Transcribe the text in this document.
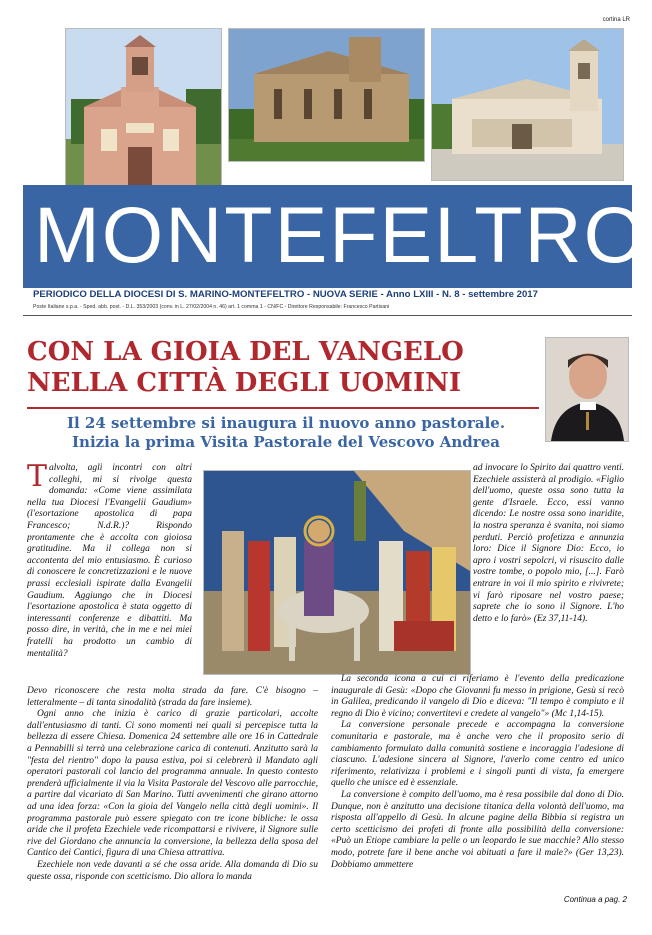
cortina LR
MONTEFELTRO
PERIODICO DELLA DIOCESI DI S. MARINO-MONTEFELTRO - NUOVA SERIE - Anno LXIII - N. 8 - settembre 2017
Poste Italiane s.p.a. - Sped. abb. post. - D.L. 353/2003 (conv. in L. 27/02/2004 n. 46) art. 1 comma 1 - CN/FC - Direttore Responsabile: Francesco Partisani
CON LA GIOIA DEL VANGELO
NELLA CITTÀ DEGLI UOMINI
Il 24 settembre si inaugura il nuovo anno pastorale.
Inizia la prima Visita Pastorale del Vescovo Andrea
Talvolta, agli incontri con altri colleghi, mi si rivolge questa domanda: «Come viene assimilata nella tua Diocesi l'Evangelii Gaudium» (l'esortazione apostolica di papa Francesco; N.d.R.)? Rispondo prontamente che è accolta con gioiosa gratitudine. Ma il collega non si accontenta del mio entusiasmo. È curioso di conoscere le concretizzazioni e le nuove prassi ecclesiali ispirate dalla Evangelii Gaudium. Aggiungo che in Diocesi l'esortazione apostolica è stata oggetto di interessanti conferenze e dibattiti. Ma posso dire, in verità, che in me e nei miei fratelli ha prodotto un cambio di mentalità?
ad invocare lo Spirito dai quattro venti. Ezechiele assisterà al prodigio. «Figlio dell'uomo, queste ossa sono tutta la gente d'Israele. Ecco, essi vanno dicendo: Le nostre ossa sono inaridite, la nostra speranza è svanita, noi siamo perduti. Perciò profetizza e annunzia loro: Dice il Signore Dio: Ecco, io apro i vostri sepolcri, vi risuscito dalle vostre tombe, o popolo mio, [...]. Farò entrare in voi il mio spirito e rivivrete; vi farò riposare nel vostro paese; saprete che io sono il Signore. L'ho detto e lo farò» (Ez 37,11-14).

Devo riconoscere che resta molta strada da fare. C'è bisogno – letteralmente – di tanta sinodalità (strada da fare insieme).

Ogni anno che inizia è carico di grazie particolari, accolte dall'entusiasmo di tanti. Ci sono momenti nei quali si percepisce tutta la bellezza di essere Chiesa. Domenica 24 settembre alle ore 16 in Cattedrale a Pennabilli si terrà una celebrazione carica di contenuti. Anzitutto sarà la "festa del rientro" dopo la pausa estiva, poi si celebrerà il Mandato agli operatori pastorali col lancio del programma annuale. In questo contesto prenderà ufficialmente il via la Visita Pastorale del Vescovo alle parrocchie, a partire dal vicariato di San Marino. Tutti avvenimenti che girano attorno ad una idea forza: «Con la gioia del Vangelo nella città degli uomini». Il programma pastorale può essere spiegato con tre icone bibliche: le ossa aride che il profeta Ezechiele vede ricompattarsi e rivivere, il Signore sulle rive del Giordano che annuncia la conversione, la bellezza della sposa del Cantico dei Cantici, figura di una Chiesa attrattiva.

Ezechiele non vede davanti a sé che ossa aride. Alla domanda di Dio su queste ossa, risponde con scetticismo. Dio allora lo manda

La seconda icona a cui ci riferiamo è l'evento della predicazione inaugurale di Gesù: «Dopo che Giovanni fu messo in prigione, Gesù si recò in Galilea, predicando il vangelo di Dio e diceva: "Il tempo è compiuto e il regno di Dio è vicino; convertitevi e credete al vangelo"» (Mc 1,14-15).

La conversione personale precede e accompagna la conversione comunitaria e pastorale, ma è anche vero che il proposito serio di cambiamento formulato dalla comunità sostiene e incoraggia l'adesione di ciascuno. L'adesione sincera al Signore, l'averlo come centro ed unico riferimento, relativizza i problemi e i singoli punti di vista, fa emergere quello che unisce ed è essenziale.

La conversione è compito dell'uomo, ma è resa possibile dal dono di Dio. Dunque, non è anzitutto una decisione titanica della volontà dell'uomo, ma risposta all'appello di Gesù. In alcune pagine della Bibbia si registra un certo scetticismo dei profeti di fronte alla possibilità della conversione: «Può un Etiope cambiare la pelle o un leopardo le sue macchie? Allo stesso modo, potrete fare il bene anche voi abituati a fare il male?» (Ger 13,23). Dobbiamo ammettere

Continua a pag. 2
